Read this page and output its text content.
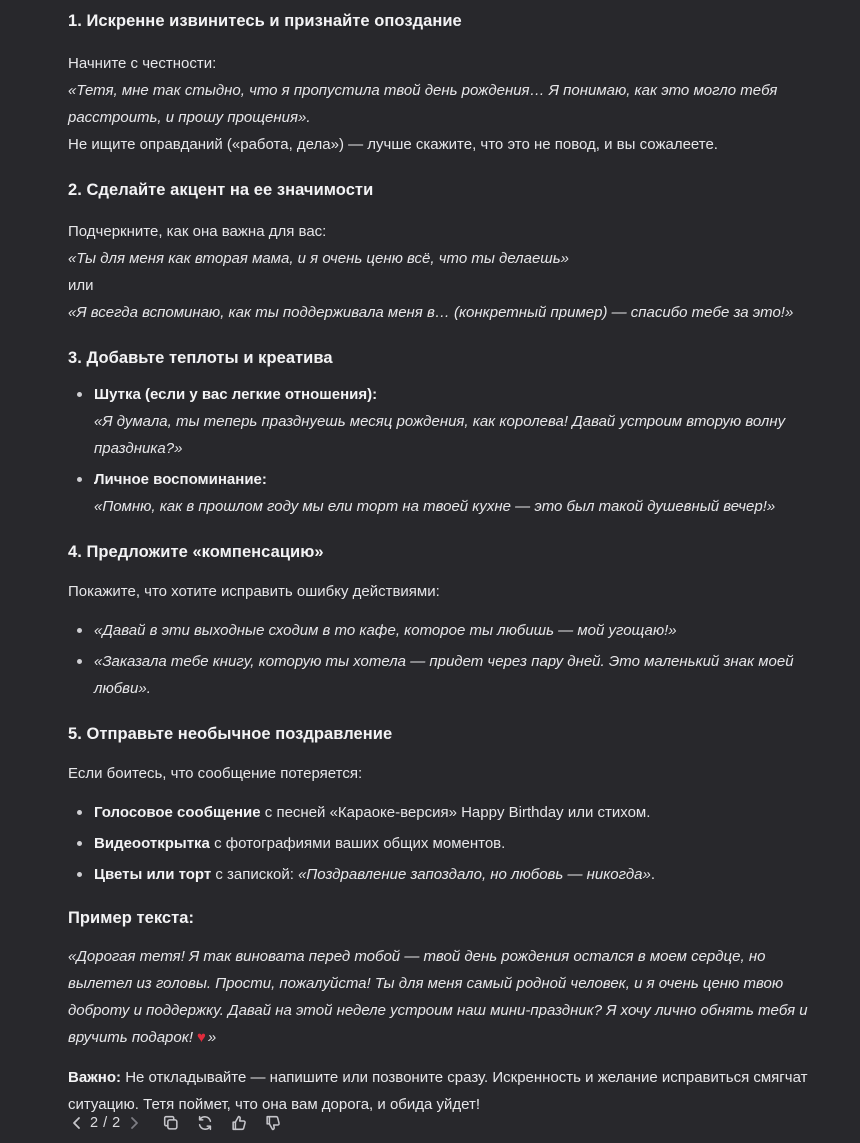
1. Искренне извинитесь и признайте опоздание

Начните с честности:

«Тетя, мне так стыдно, что я пропустила твой день рождения… Я понимаю, как это могло тебя расстроить, и прошу прощения».

Не ищите оправданий («работа, дела») — лучше скажите, что это не повод, и вы сожалеете.

2. Сделайте акцент на ее значимости

Подчеркните, как она важна для вас:

«Ты для меня как вторая мама, и я очень ценю всё, что ты делаешь»

или

«Я всегда вспоминаю, как ты поддерживала меня в… (конкретный пример) — спасибо тебе за это!»

3. Добавьте теплоты и креатива
Шутка (если у вас легкие отношения):
«Я думала, ты теперь празднуешь месяц рождения, как королева! Давай устроим вторую волну праздника?»
Личное воспоминание:
«Помню, как в прошлом году мы ели торт на твоей кухне — это был такой душевный вечер!»
4. Предложите «компенсацию»

Покажите, что хотите исправить ошибку действиями:

«Давай в эти выходные сходим в то кафе, которое ты любишь — мой угощаю!»
«Заказала тебе книгу, которую ты хотела — придет через пару дней. Это маленький знак моей любви».
5. Отправьте необычное поздравление

Если боитесь, что сообщение потеряется:

Голосовое сообщение с песней «Караоке-версия» Happy Birthday или стихом.
Видеооткрытка с фотографиями ваших общих моментов.
Цветы или торт с запиской: «Поздравление запоздало, но любовь — никогда».
Пример текста:

«Дорогая тетя! Я так виновата перед тобой — твой день рождения остался в моем сердце, но вылетел из головы. Прости, пожалуйста! Ты для меня самый родной человек, и я очень ценю твою доброту и поддержку. Давай на этой неделе устроим наш мини-праздник? Я хочу лично обнять тебя и вручить подарок! ♥ »

Важно: Не откладывайте — напишите или позвоните сразу. Искренность и желание исправиться смягчат ситуацию. Тетя поймет, что она вам дорога, и обида уйдет!

2 / 2
